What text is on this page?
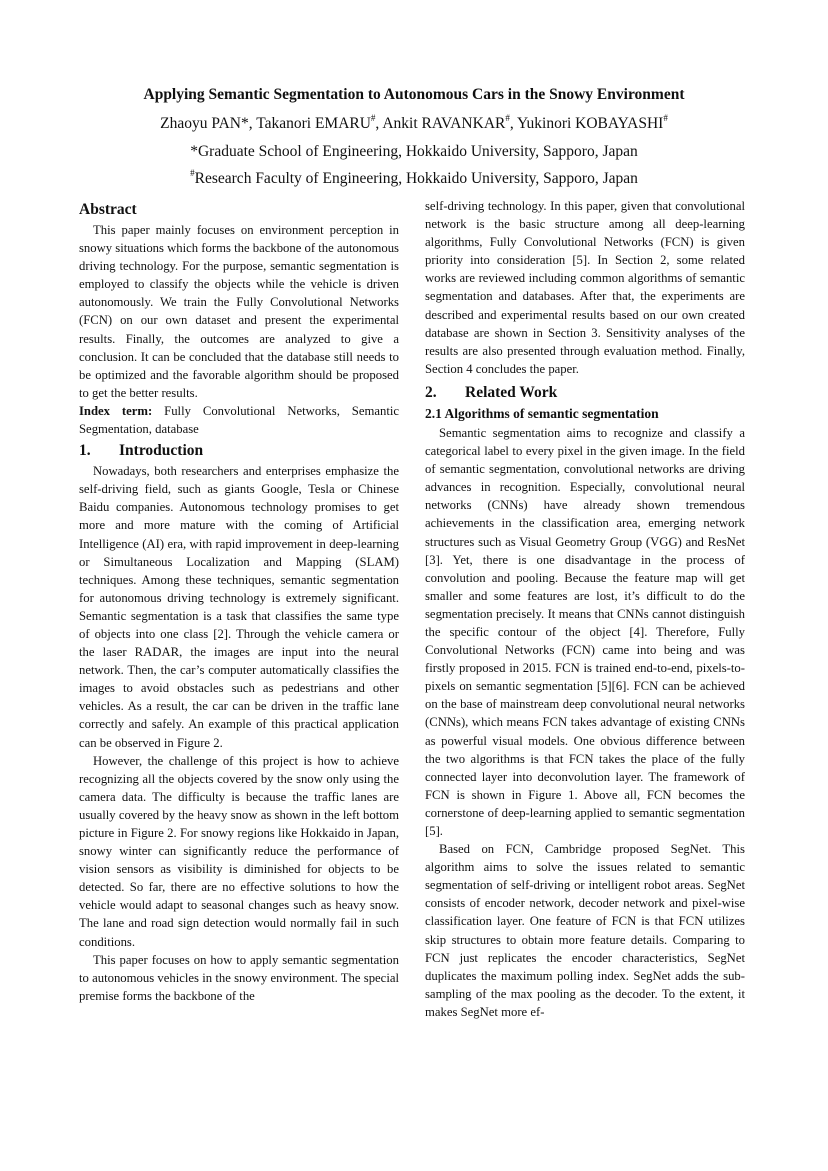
Applying Semantic Segmentation to Autonomous Cars in the Snowy Environment
Zhaoyu PAN*, Takanori EMARU#, Ankit RAVANKAR#, Yukinori KOBAYASHI#
*Graduate School of Engineering, Hokkaido University, Sapporo, Japan
#Research Faculty of Engineering, Hokkaido University, Sapporo, Japan
Abstract

This paper mainly focuses on environment perception in snowy situations which forms the backbone of the autonomous driving technology. For the purpose, semantic segmentation is employed to classify the objects while the vehicle is driven autonomously. We train the Fully Convolutional Networks (FCN) on our own dataset and present the experimental results. Finally, the outcomes are analyzed to give a conclusion. It can be concluded that the database still needs to be optimized and the favorable algorithm should be proposed to get the better results.

Index term: Fully Convolutional Networks, Semantic Segmentation, database

1. Introduction

Nowadays, both researchers and enterprises emphasize the self-driving field, such as giants Google, Tesla or Chinese Baidu companies. Autonomous technology promises to get more and more mature with the coming of Artificial Intelligence (AI) era, with rapid improvement in deep-learning or Simultaneous Localization and Mapping (SLAM) techniques. Among these techniques, semantic segmentation for autonomous driving technology is extremely significant. Semantic segmentation is a task that classifies the same type of objects into one class [2]. Through the vehicle camera or the laser RADAR, the images are input into the neural network. Then, the car’s computer automatically classifies the images to avoid obstacles such as pedestrians and other vehicles. As a result, the car can be driven in the traffic lane correctly and safely. An example of this practical application can be observed in Figure 2.

However, the challenge of this project is how to achieve recognizing all the objects covered by the snow only using the camera data. The difficulty is because the traffic lanes are usually covered by the heavy snow as shown in the left bottom picture in Figure 2. For snowy regions like Hokkaido in Japan, snowy winter can significantly reduce the performance of vision sensors as visibility is diminished for objects to be detected. So far, there are no effective solutions to how the vehicle would adapt to seasonal changes such as heavy snow. The lane and road sign detection would normally fail in such conditions.

This paper focuses on how to apply semantic segmentation to autonomous vehicles in the snowy environment. The special premise forms the backbone of the

self-driving technology. In this paper, given that convolutional network is the basic structure among all deep-learning algorithms, Fully Convolutional Networks (FCN) is given priority into consideration [5]. In Section 2, some related works are reviewed including common algorithms of semantic segmentation and databases. After that, the experiments are described and experimental results based on our own created database are shown in Section 3. Sensitivity analyses of the results are also presented through evaluation method. Finally, Section 4 concludes the paper.

2. Related Work
2.1 Algorithms of semantic segmentation

Semantic segmentation aims to recognize and classify a categorical label to every pixel in the given image. In the field of semantic segmentation, convolutional networks are driving advances in recognition. Especially, convolutional neural networks (CNNs) have already shown tremendous achievements in the classification area, emerging network structures such as Visual Geometry Group (VGG) and ResNet [3]. Yet, there is one disadvantage in the process of convolution and pooling. Because the feature map will get smaller and some features are lost, it’s difficult to do the segmentation precisely. It means that CNNs cannot distinguish the specific contour of the object [4]. Therefore, Fully Convolutional Networks (FCN) came into being and was firstly proposed in 2015. FCN is trained end-to-end, pixels-to-pixels on semantic segmentation [5][6]. FCN can be achieved on the base of mainstream deep convolutional neural networks (CNNs), which means FCN takes advantage of existing CNNs as powerful visual models. One obvious difference between the two algorithms is that FCN takes the place of the fully connected layer into deconvolution layer. The framework of FCN is shown in Figure 1. Above all, FCN becomes the cornerstone of deep-learning applied to semantic segmentation [5].

Based on FCN, Cambridge proposed SegNet. This algorithm aims to solve the issues related to semantic segmentation of self-driving or intelligent robot areas. SegNet consists of encoder network, decoder network and pixel-wise classification layer. One feature of FCN is that FCN utilizes skip structures to obtain more feature details. Comparing to FCN just replicates the encoder characteristics, SegNet duplicates the maximum polling index. SegNet adds the sub-sampling of the max pooling as the decoder. To the extent, it makes SegNet more ef-
